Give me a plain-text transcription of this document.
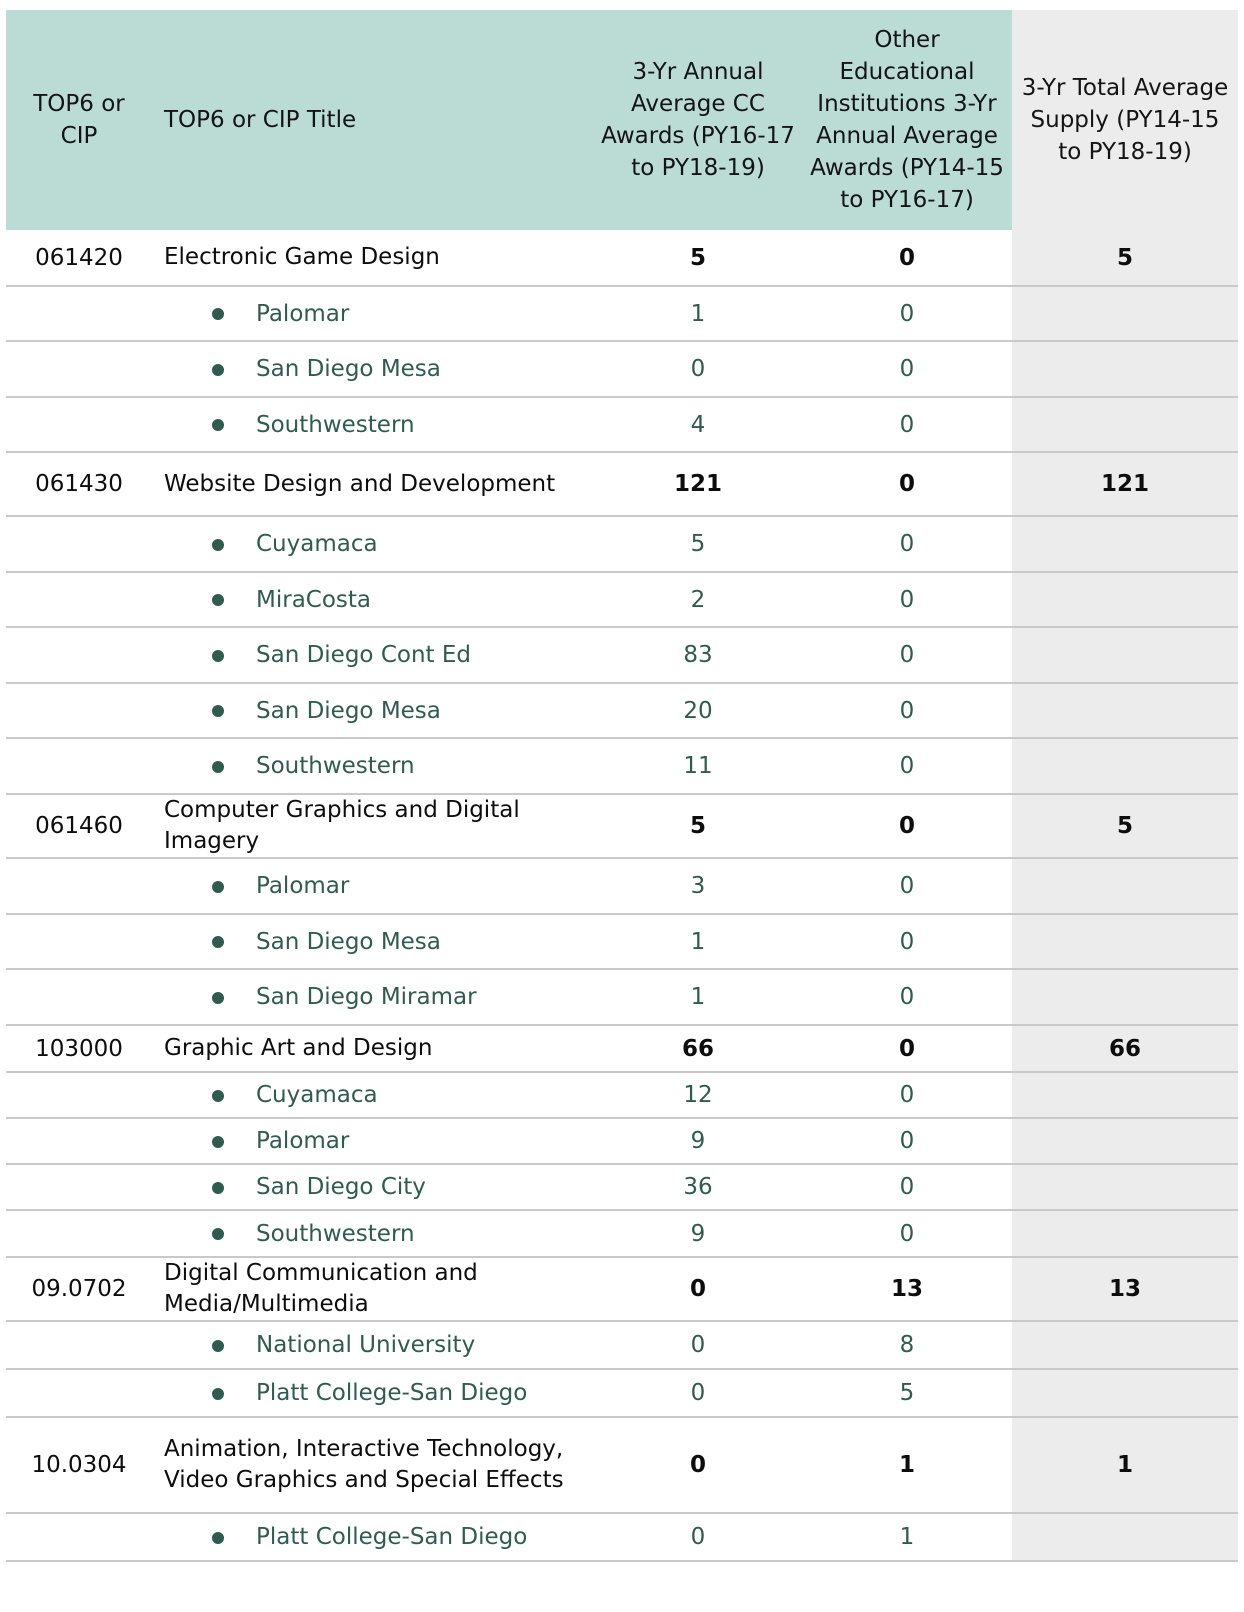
TOP6 or CIP	TOP6 or CIP Title	3-Yr Annual Average CC Awards (PY16-17 to PY18-19)	Other Educational Institutions 3-Yr Annual Average Awards (PY14-15 to PY16-17)	3-Yr Total Average Supply (PY14-15 to PY18-19)
061420	Electronic Game Design	5	0	5
	Palomar	1	0	
	San Diego Mesa	0	0	
	Southwestern	4	0	
061430	Website Design and Development	121	0	121
	Cuyamaca	5	0	
	MiraCosta	2	0	
	San Diego Cont Ed	83	0	
	San Diego Mesa	20	0	
	Southwestern	11	0	
061460	Computer Graphics and Digital Imagery	5	0	5
	Palomar	3	0	
	San Diego Mesa	1	0	
	San Diego Miramar	1	0	
103000	Graphic Art and Design	66	0	66
	Cuyamaca	12	0	
	Palomar	9	0	
	San Diego City	36	0	
	Southwestern	9	0	
09.0702	Digital Communication and Media/Multimedia	0	13	13
	National University	0	8	
	Platt College-San Diego	0	5	
10.0304	Animation, Interactive Technology, Video Graphics and Special Effects	0	1	1
	Platt College-San Diego	0	1	
